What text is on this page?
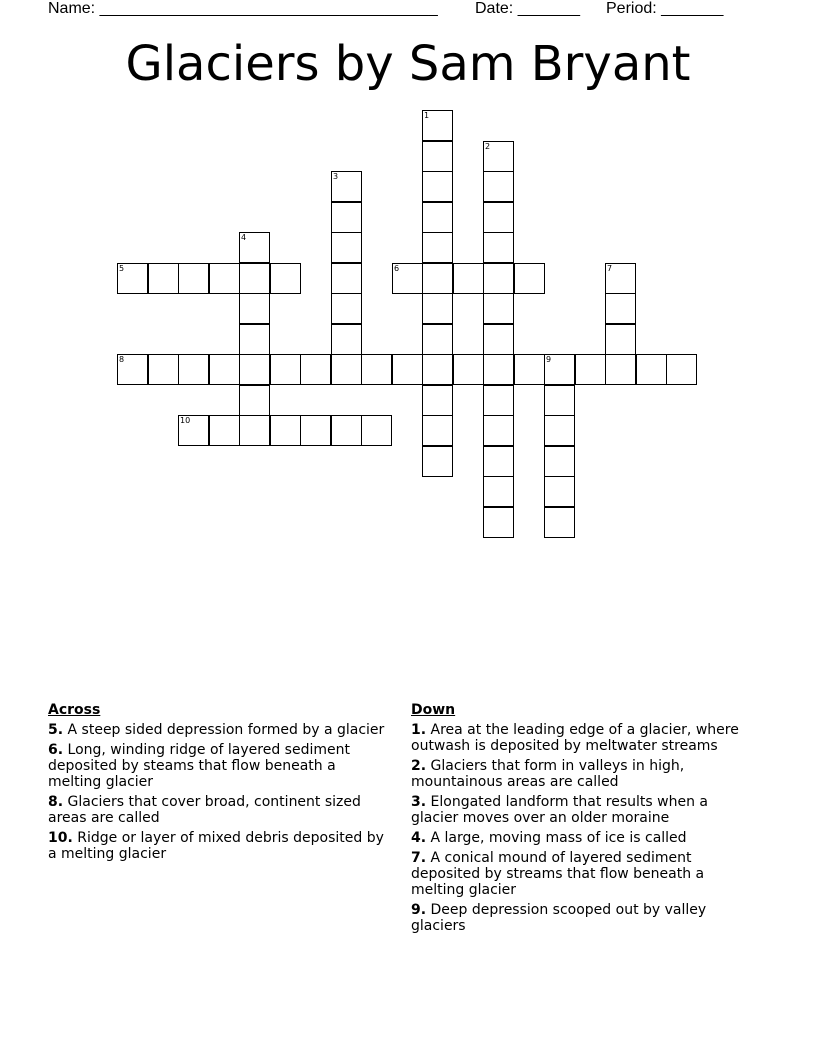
Name: ______________________________________

Date: _______

Period: _______

Glaciers by Sam Bryant
1
2
3
4
5	6	7
8	9
10
Across
5. A steep sided depression formed by a glacier
6. Long, winding ridge of layered sediment deposited by steams that flow beneath a melting glacier
8. Glaciers that cover broad, continent sized areas are called
10. Ridge or layer of mixed debris deposited by a melting glacier
Down
1. Area at the leading edge of a glacier, where outwash is deposited by meltwater streams
2. Glaciers that form in valleys in high, mountainous areas are called
3. Elongated landform that results when a glacier moves over an older moraine
4. A large, moving mass of ice is called
7. A conical mound of layered sediment deposited by streams that flow beneath a melting glacier
9. Deep depression scooped out by valley glaciers
